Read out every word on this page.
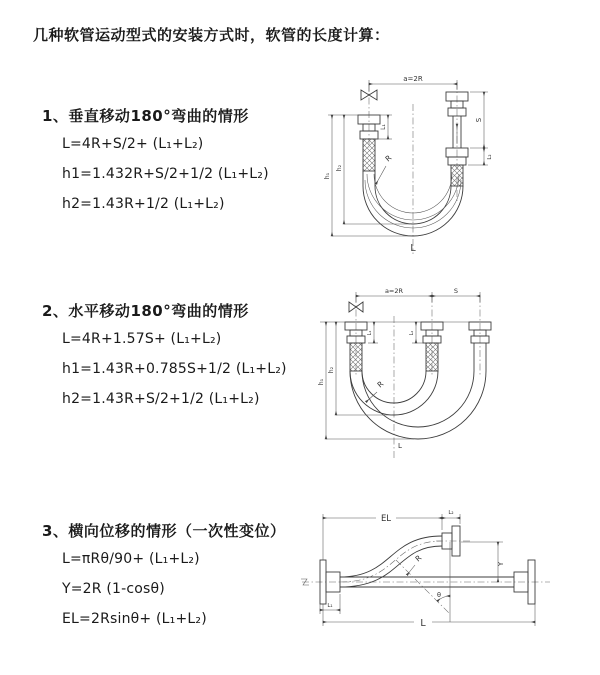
几种软管运动型式的安装方式时，软管的长度计算：
1、垂直移动180°弯曲的情形
L=4R+S/2+ (L₁+L₂)
h1=1.432R+S/2+1/2 (L₁+L₂)
h2=1.43R+1/2 (L₁+L₂)
a=2R
L₁
S
L₂
h₁
h₂
R
L
2、水平移动180°弯曲的情形
L=4R+1.57S+ (L₁+L₂)
h1=1.43R+0.785S+1/2 (L₁+L₂)
h2=1.43R+S/2+1/2 (L₁+L₂)
a=2R	S
L₁	L₂
h₁
h₂
R
L
3、横向位移的情形（一次性变位）
L=πRθ/90+ (L₁+L₂)
Y=2R (1-cosθ)
EL=2Rsinθ+ (L₁+L₂)
θ
R
EL
L₂
Y
L
L₁
